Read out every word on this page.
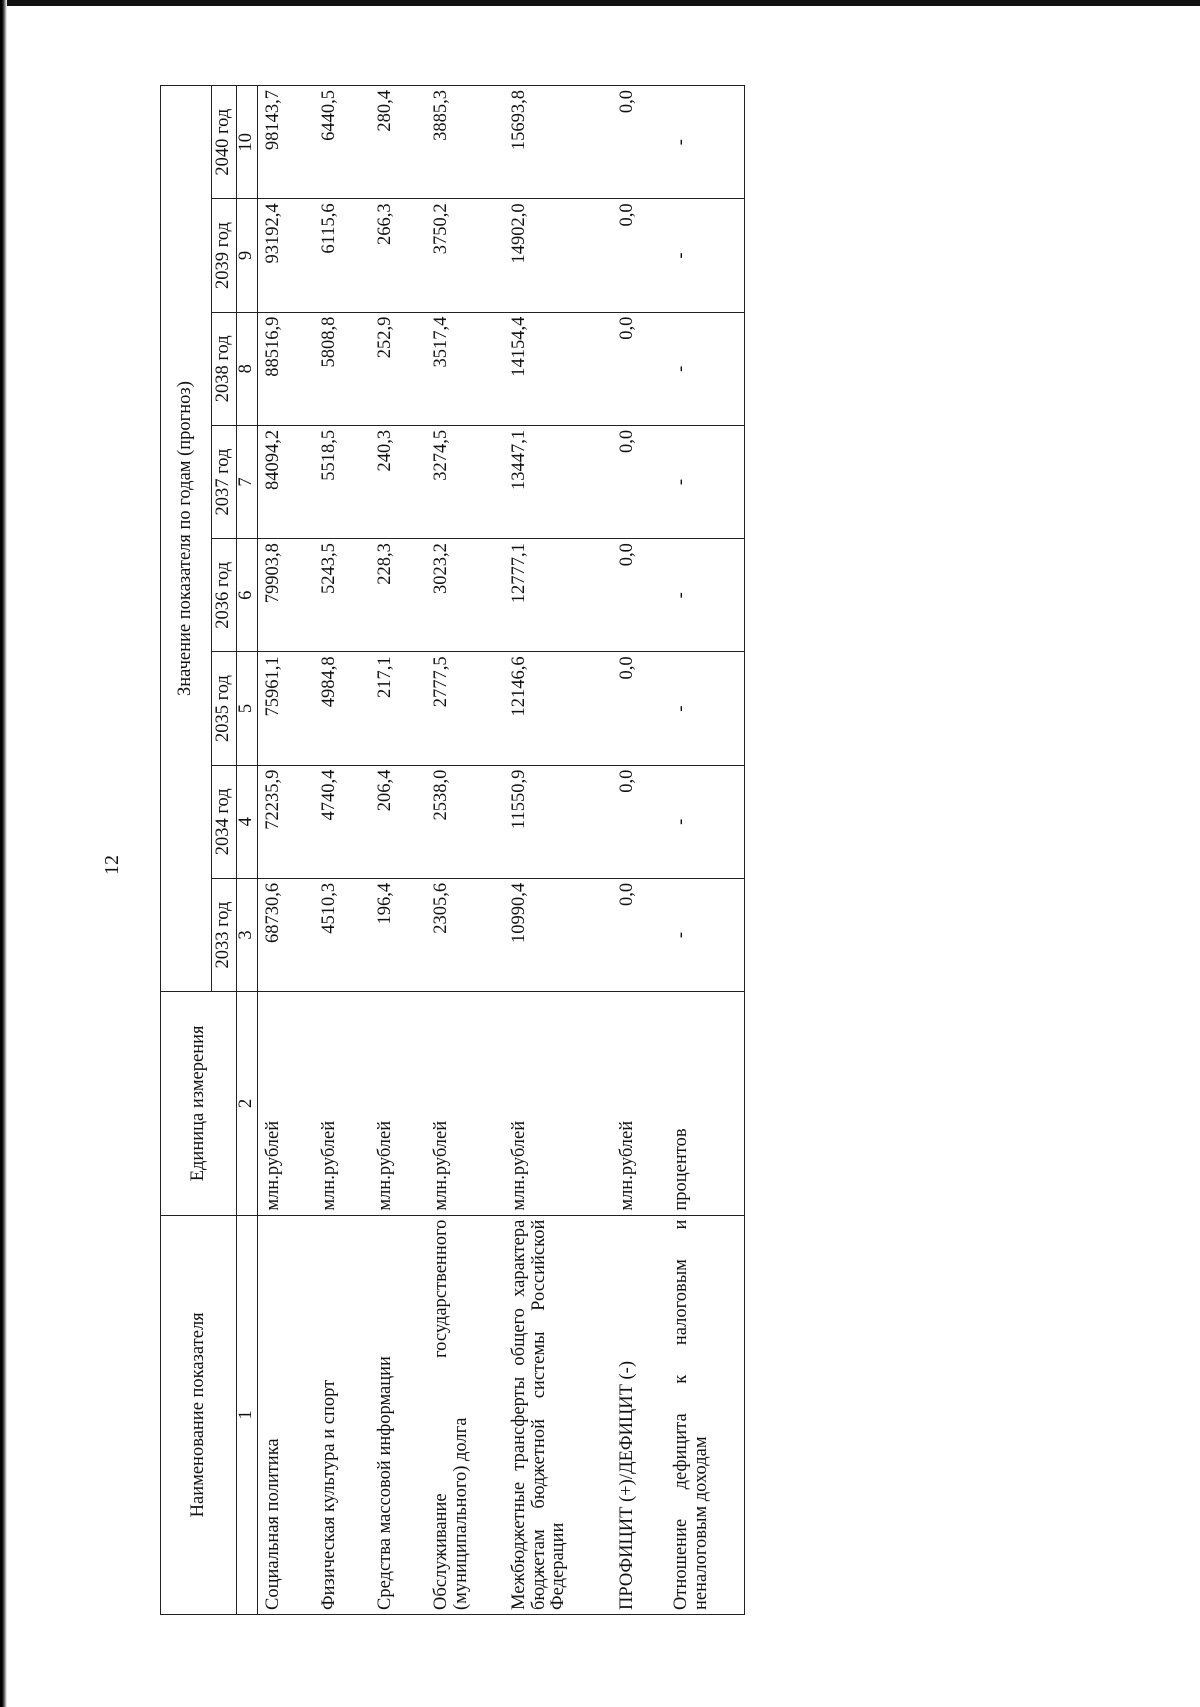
12
Наименование показателя	Единица измерения	Значение показателя по годам (прогноз)							
		2033 год	2034 год	2035 год	2036 год	2037 год	2038 год	2039 год	2040 год
1	2	3	4	5	6	7	8	9	10
Социальная политика	млн.рублей	68730,6	72235,9	75961,1	79903,8	84094,2	88516,9	93192,4	98143,7
Физическая культура и спорт	млн.рублей	4510,3	4740,4	4984,8	5243,5	5518,5	5808,8	6115,6	6440,5
Средства массовой информации	млн.рублей	196,4	206,4	217,1	228,3	240,3	252,9	266,3	280,4
Обслуживание государственного (муниципального) долга	млн.рублей	2305,6	2538,0	2777,5	3023,2	3274,5	3517,4	3750,2	3885,3
Межбюджетные трансферты общего характера бюджетам бюджетной системы Российской Федерации	млн.рублей	10990,4	11550,9	12146,6	12777,1	13447,1	14154,4	14902,0	15693,8
ПРОФИЦИТ (+)/ДЕФИЦИТ (-)	млн.рублей	0,0	0,0	0,0	0,0	0,0	0,0	0,0	0,0
Отношение дефицита к налоговым и неналоговым доходам	процентов	-	-	-	-	-	-	-	-
